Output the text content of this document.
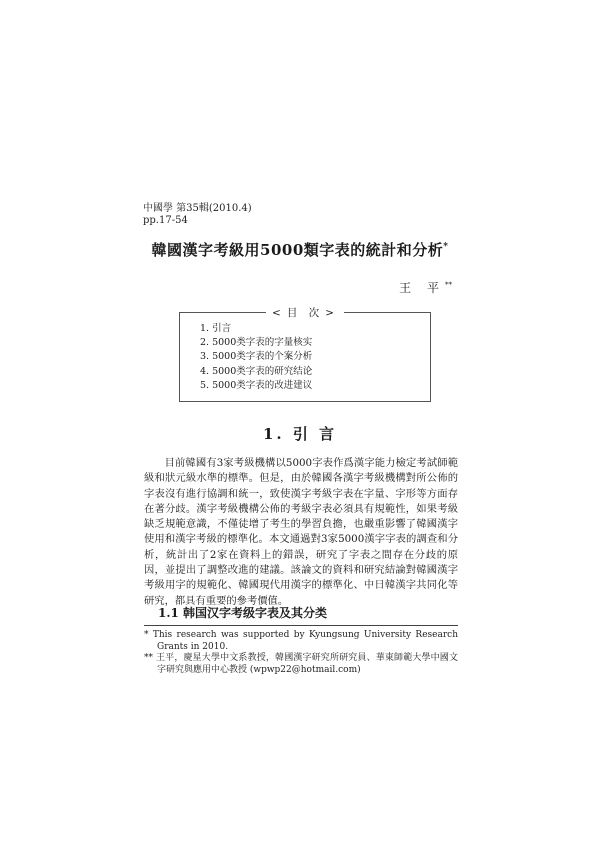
中國學 第35輯(2010.4)
pp.17-54
韓國漢字考級用5000類字表的統計和分析*
王 平**
< 目 次 >
1. 引言
2. 5000类字表的字量核实
3. 5000类字表的个案分析
4. 5000类字表的研究结论
5. 5000类字表的改进建议
1. 引 言

目前韓國有3家考級機構以5000字表作爲漢字能力檢定考試師範級和狀元級水準的標準。但是，由於韓國各漢字考級機構對所公佈的字表沒有進行協調和統一，致使漢字考級字表在字量、字形等方面存在著分歧。漢字考級機構公佈的考級字表必須具有規範性，如果考級缺乏規範意識，不僅徒增了考生的學習負擔，也嚴重影響了韓國漢字使用和漢字考級的標準化。本文通過對3家5000漢字字表的調查和分析，統計出了2家在資料上的錯誤，研究了字表之間存在分歧的原因，並提出了調整改進的建議。該論文的資料和研究結論對韓國漢字考級用字的規範化、韓國現代用漢字的標準化、中日韓漢字共同化等研究，都具有重要的參考價值。

1.1 韩国汉字考级字表及其分类
* This research was supported by Kyungsung University Research Grants in 2010.
** 王平，慶星大學中文系教授，韓國漢字研究所研究員、華東師範大學中國文字研究與應用中心教授 (wpwp22@hotmail.com)
